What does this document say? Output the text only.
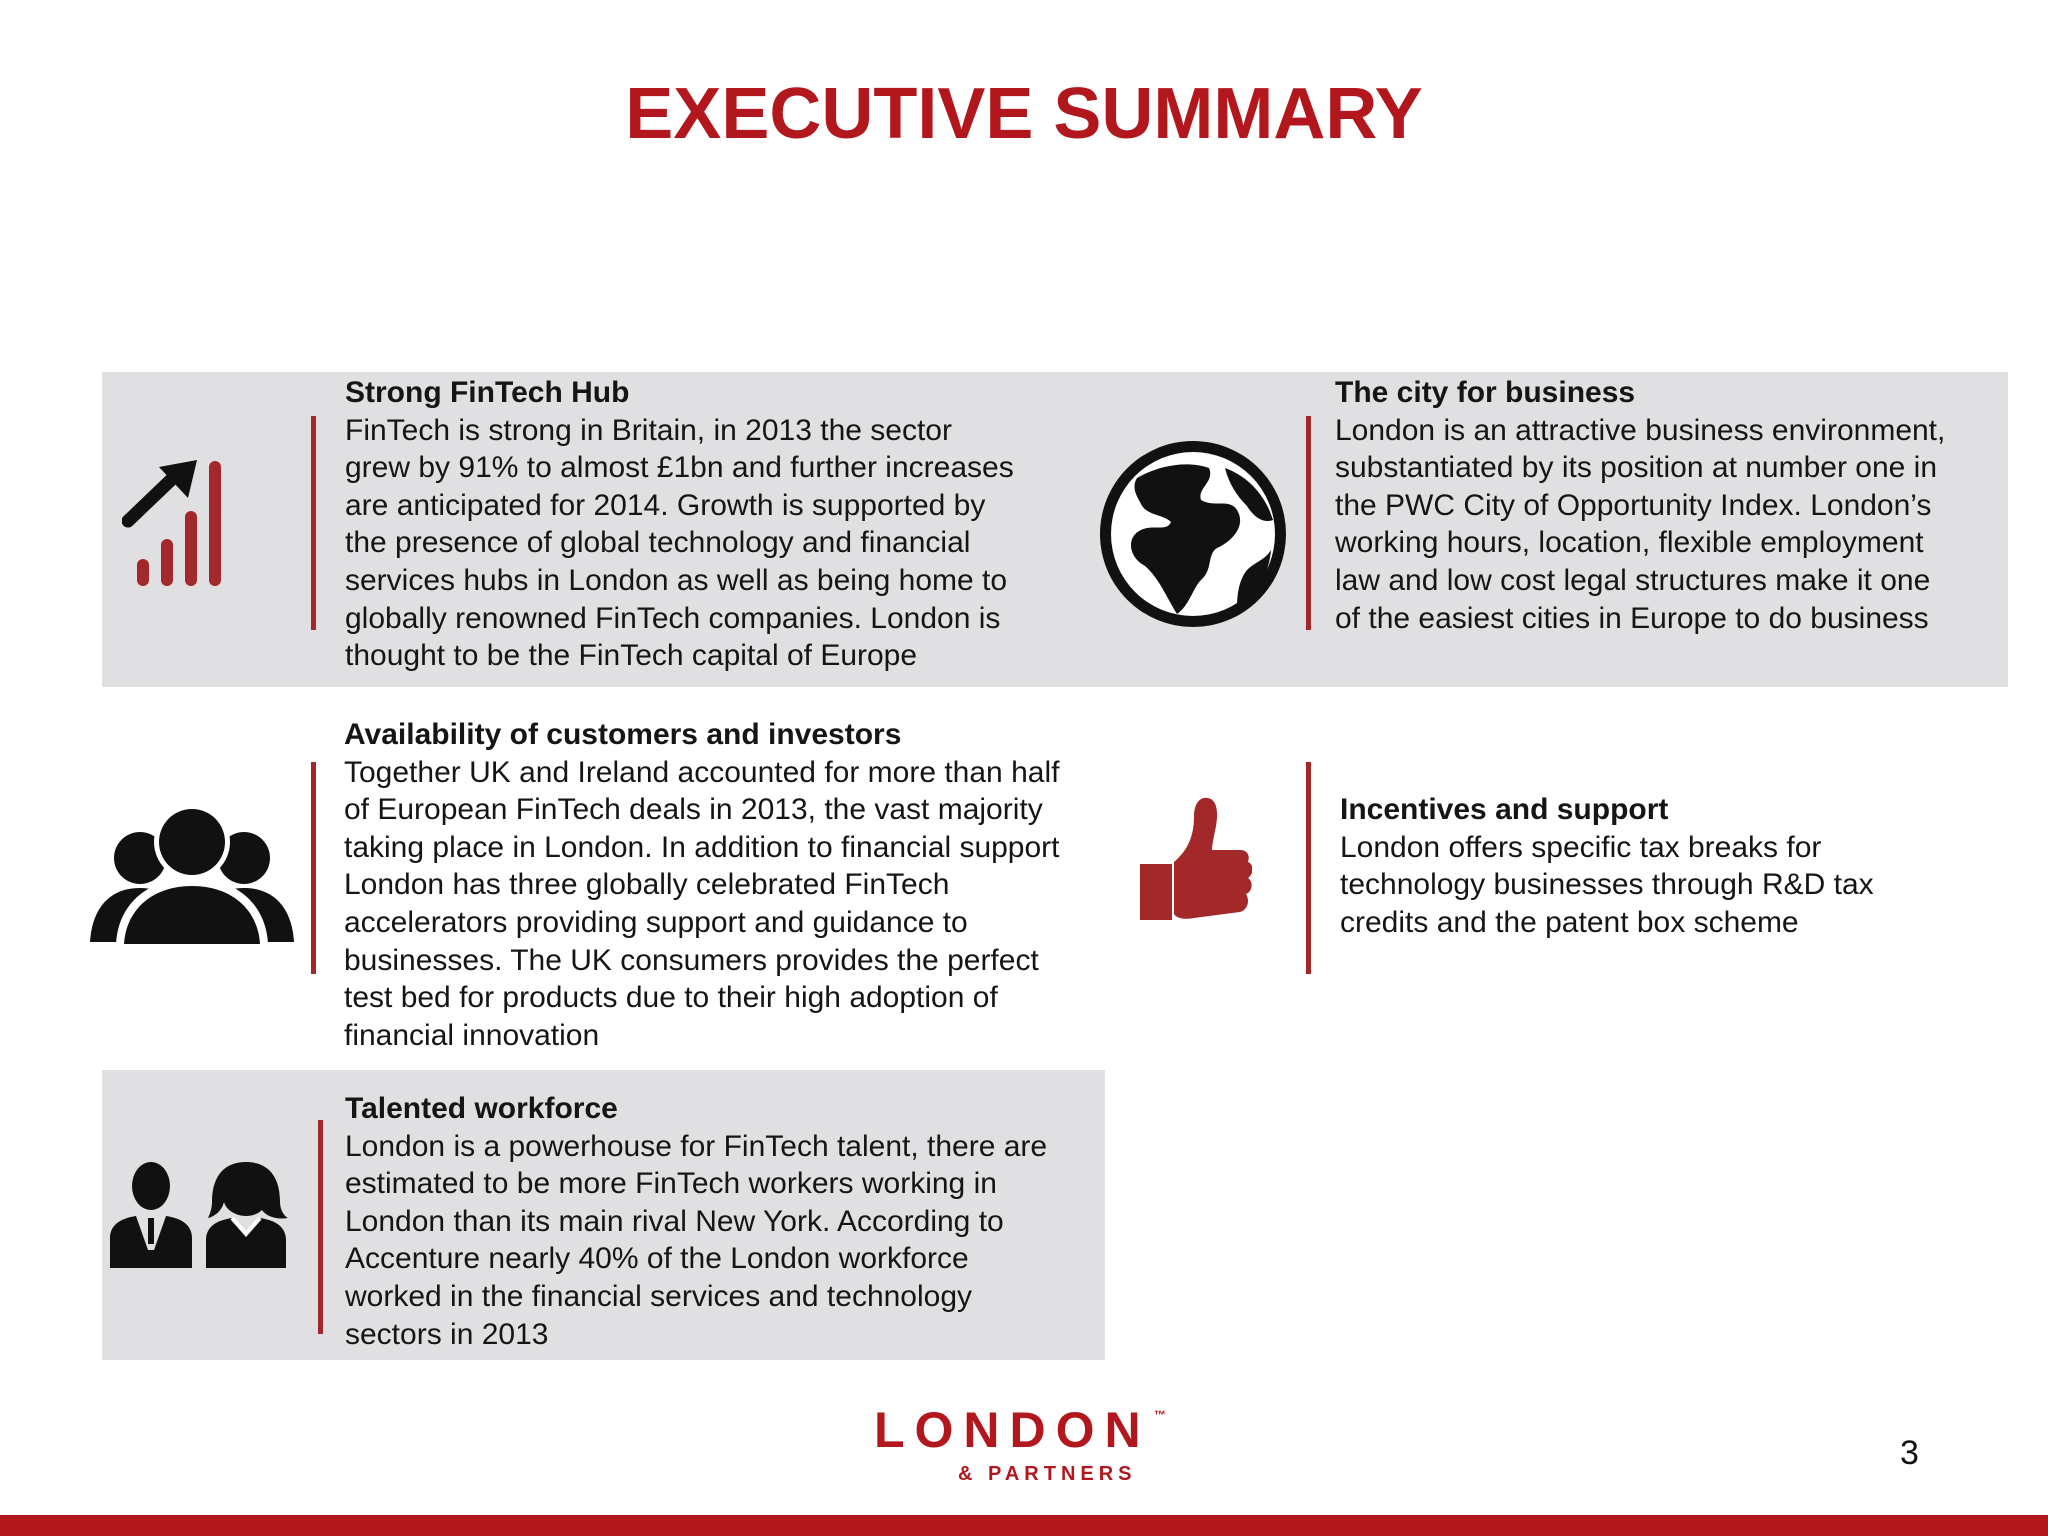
EXECUTIVE SUMMARY
Strong FinTech Hub
FinTech is strong in Britain, in 2013 the sector
grew by 91% to almost £1bn and further increases
are anticipated for 2014. Growth is supported by
the presence of global technology and financial
services hubs in London as well as being home to
globally renowned FinTech companies. London is
thought to be the FinTech capital of Europe
The city for business
London is an attractive business environment,
substantiated by its position at number one in
the PWC City of Opportunity Index. London’s
working hours, location, flexible employment
law and low cost legal structures make it one
of the easiest cities in Europe to do business
Availability of customers and investors
Together UK and Ireland accounted for more than half
of European FinTech deals in 2013, the vast majority
taking place in London. In addition to financial support
London has three globally celebrated FinTech
accelerators providing support and guidance to
businesses. The UK consumers provides the perfect
test bed for products due to their high adoption of
financial innovation
Incentives and support
London offers specific tax breaks for
technology businesses through R&D tax
credits and the patent box scheme
Talented workforce
London is a powerhouse for FinTech talent, there are
estimated to be more FinTech workers working in
London than its main rival New York. According to
Accenture nearly 40% of the London workforce
worked in the financial services and technology
sectors in 2013
LONDON ™
& PARTNERS
3
